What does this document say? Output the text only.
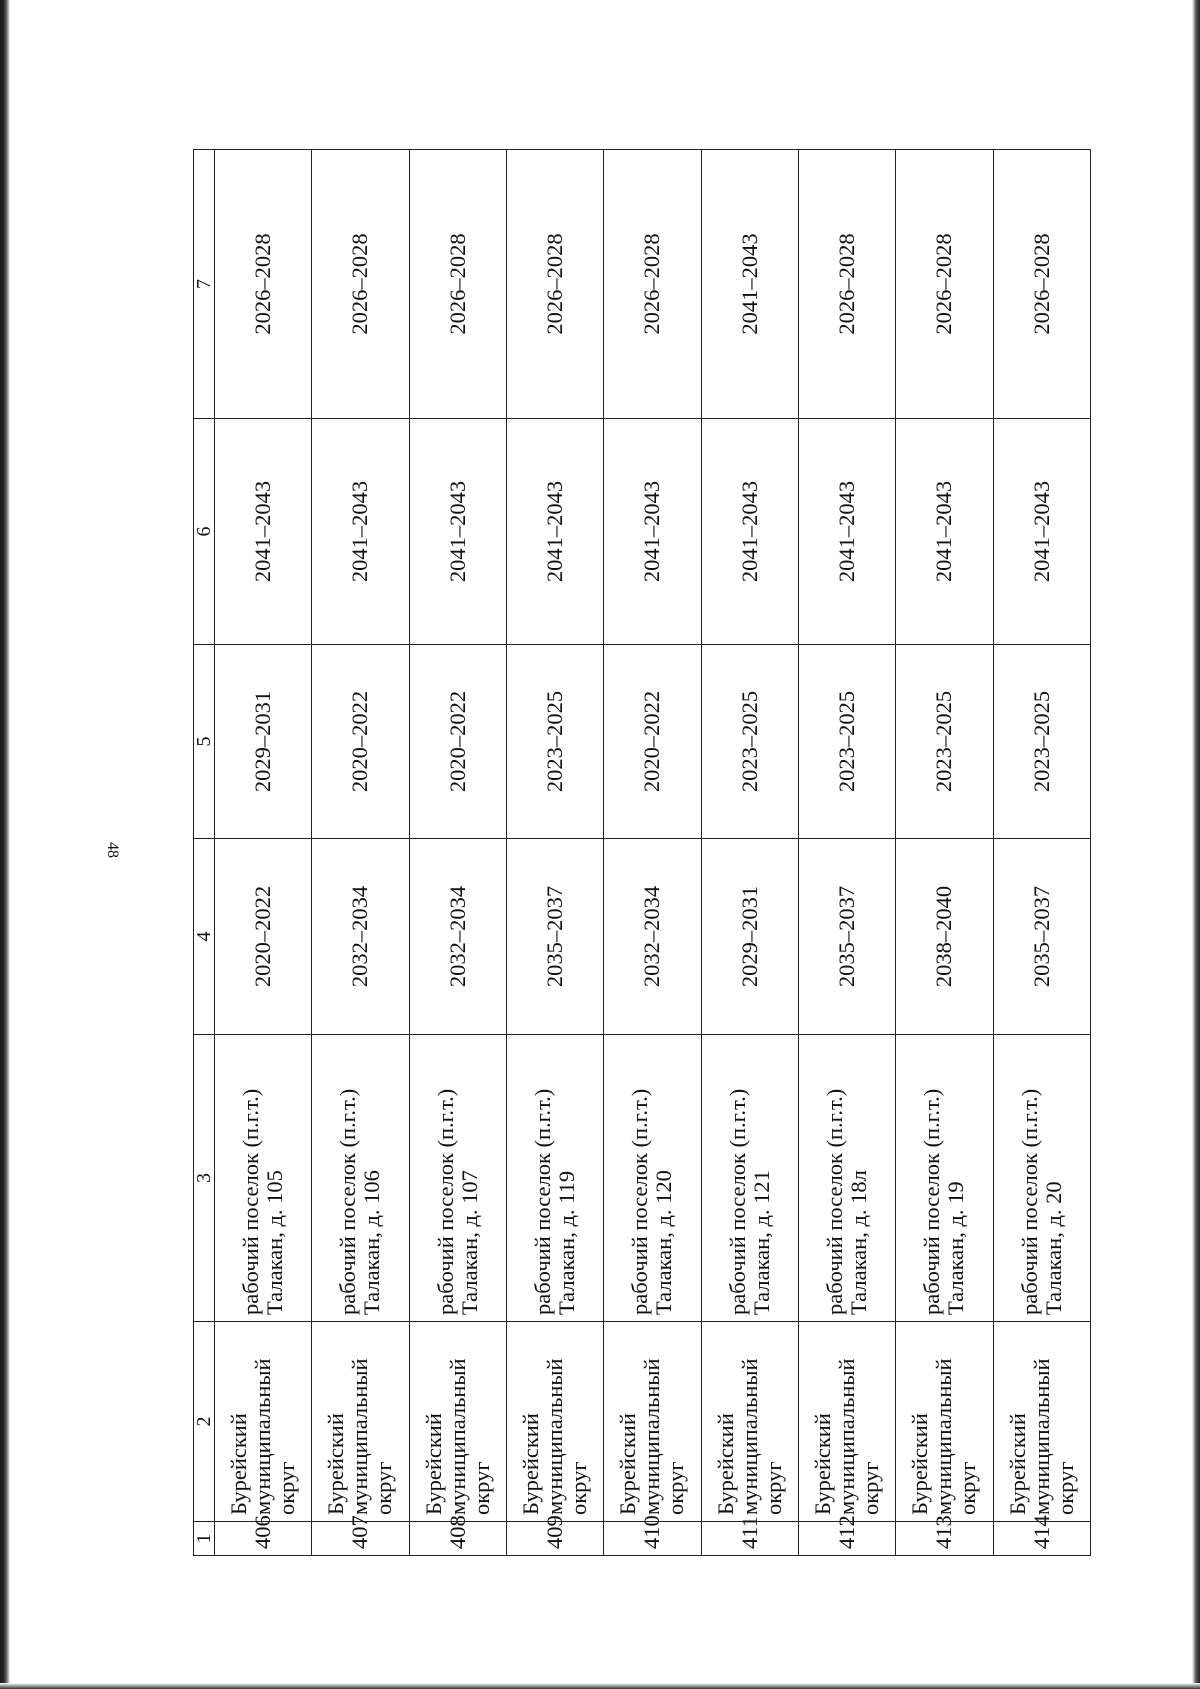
48
1	2	3	4	5	6	7
406	Бурейский муниципальный округ	рабочий поселок (п.г.т.) Талакан, д. 105	2020–2022	2029–2031	2041–2043	2026–2028
407	Бурейский муниципальный округ	рабочий поселок (п.г.т.) Талакан, д. 106	2032–2034	2020–2022	2041–2043	2026–2028
408	Бурейский муниципальный округ	рабочий поселок (п.г.т.) Талакан, д. 107	2032–2034	2020–2022	2041–2043	2026–2028
409	Бурейский муниципальный округ	рабочий поселок (п.г.т.) Талакан, д. 119	2035–2037	2023–2025	2041–2043	2026–2028
410	Бурейский муниципальный округ	рабочий поселок (п.г.т.) Талакан, д. 120	2032–2034	2020–2022	2041–2043	2026–2028
411	Бурейский муниципальный округ	рабочий поселок (п.г.т.) Талакан, д. 121	2029–2031	2023–2025	2041–2043	2041–2043
412	Бурейский муниципальный округ	рабочий поселок (п.г.т.) Талакан, д. 18л	2035–2037	2023–2025	2041–2043	2026–2028
413	Бурейский муниципальный округ	рабочий поселок (п.г.т.) Талакан, д. 19	2038–2040	2023–2025	2041–2043	2026–2028
414	Бурейский муниципальный округ	рабочий поселок (п.г.т.) Талакан, д. 20	2035–2037	2023–2025	2041–2043	2026–2028
